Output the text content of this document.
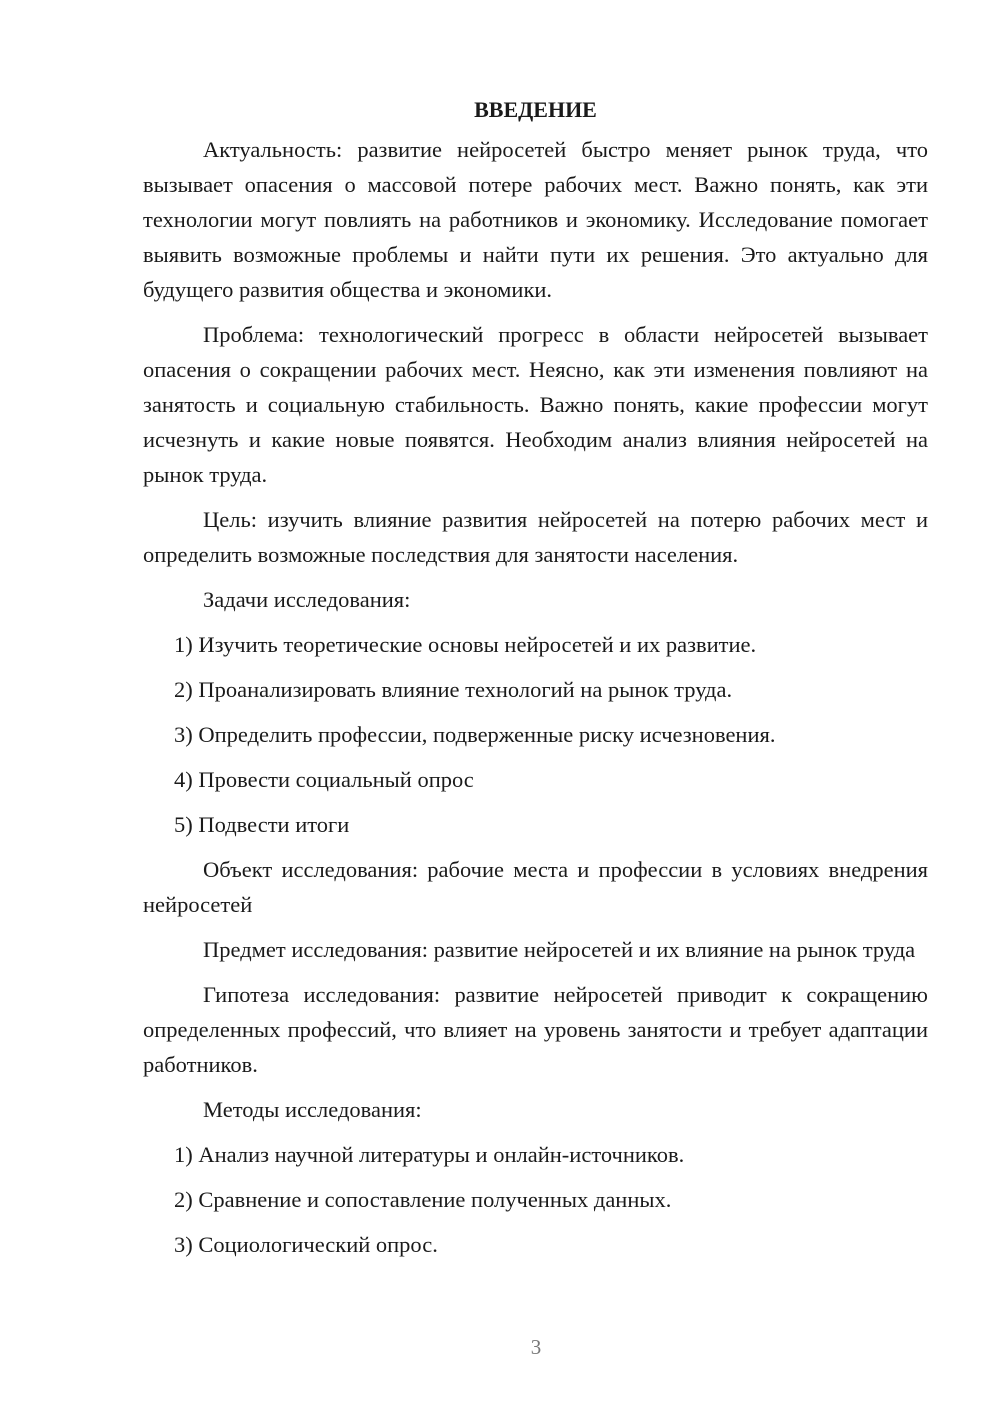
ВВЕДЕНИЕ

Актуальность: развитие нейросетей быстро меняет рынок труда, что вызывает опасения о массовой потере рабочих мест. Важно понять, как эти технологии могут повлиять на работников и экономику. Исследование помогает выявить возможные проблемы и найти пути их решения. Это актуально для будущего развития общества и экономики.

Проблема: технологический прогресс в области нейросетей вызывает опасения о сокращении рабочих мест. Неясно, как эти изменения повлияют на занятость и социальную стабильность. Важно понять, какие профессии могут исчезнуть и какие новые появятся. Необходим анализ влияния нейросетей на рынок труда.

Цель: изучить влияние развития нейросетей на потерю рабочих мест и определить возможные последствия для занятости населения.

Задачи исследования:

1) Изучить теоретические основы нейросетей и их развитие.

2) Проанализировать влияние технологий на рынок труда.

3) Определить профессии, подверженные риску исчезновения.

4) Провести социальный опрос

5) Подвести итоги

Объект исследования: рабочие места и профессии в условиях внедрения нейросетей

Предмет исследования: развитие нейросетей и их влияние на рынок труда

Гипотеза исследования: развитие нейросетей приводит к сокращению определенных профессий, что влияет на уровень занятости и требует адаптации работников.

Методы исследования:

1) Анализ научной литературы и онлайн-источников.

2) Сравнение и сопоставление полученных данных.

3) Социологический опрос.

3
